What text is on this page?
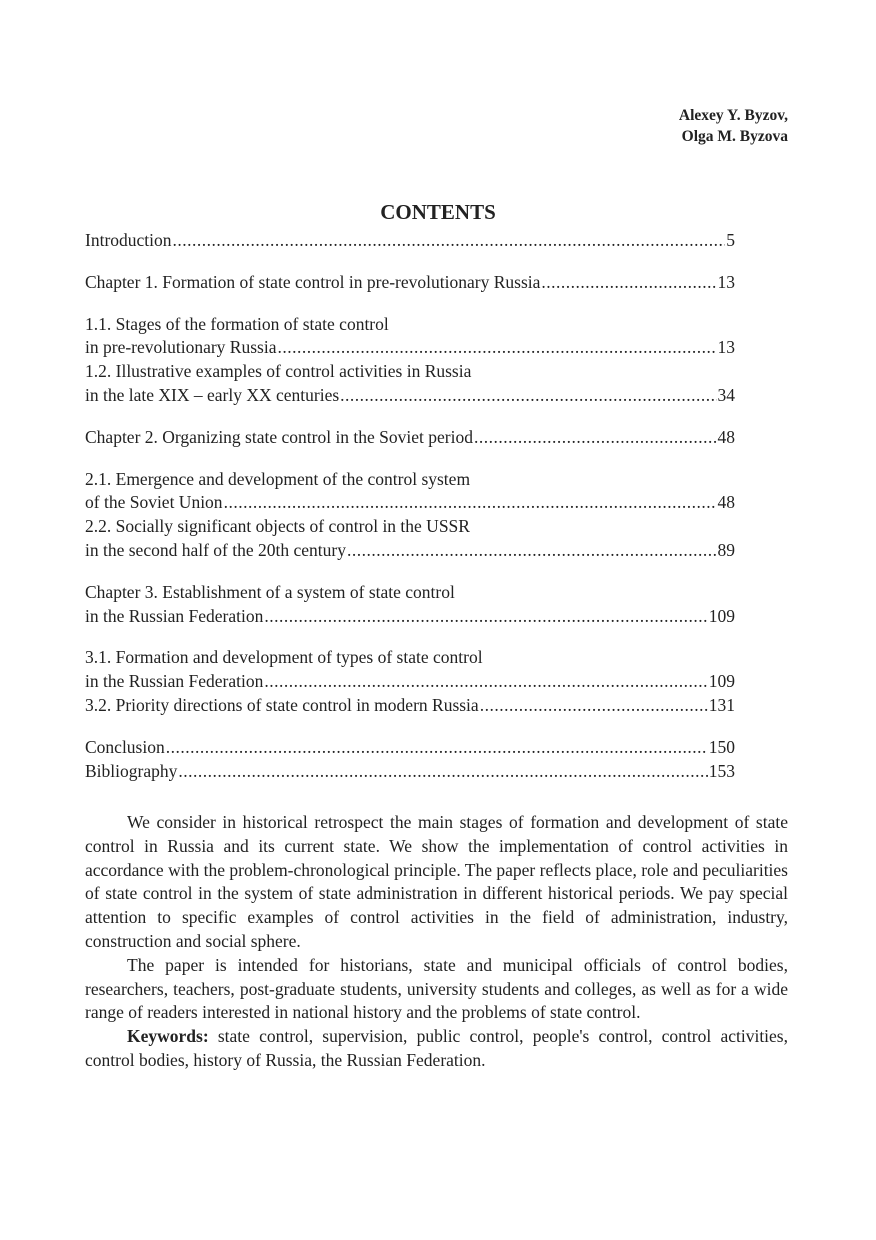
Alexey Y. Byzov,
Olga M. Byzova
CONTENTS
Introduction .....	5
Chapter 1. Formation of state control in pre-revolutionary Russia .....	13
1.1. Stages of the formation of state control
in pre-revolutionary Russia .....	13
1.2. Illustrative examples of control activities in Russia
in the late XIX – early XX centuries .....	34
Chapter 2. Organizing state control in the Soviet period .....	48
2.1. Emergence and development of the control system
of the Soviet Union .....	48
2.2. Socially significant objects of control in the USSR
in the second half of the 20th century .....	89
Chapter 3. Establishment of a system of state control
in the Russian Federation .....	109
3.1. Formation and development of types of state control
in the Russian Federation .....	109
3.2. Priority directions of state control in modern Russia .....	131
Conclusion .....	150
Bibliography .....	153

We consider in historical retrospect the main stages of formation and development of state control in Russia and its current state. We show the implementation of control activities in accordance with the problem-chronological principle. The paper reflects place, role and peculiarities of state control in the system of state administration in different historical periods. We pay special attention to specific examples of control activities in the field of administration, industry, construction and social sphere.

The paper is intended for historians, state and municipal officials of control bodies, researchers, teachers, post-graduate students, university students and colleges, as well as for a wide range of readers interested in national history and the problems of state control.

Keywords: state control, supervision, public control, people's control, control activities, control bodies, history of Russia, the Russian Federation.
